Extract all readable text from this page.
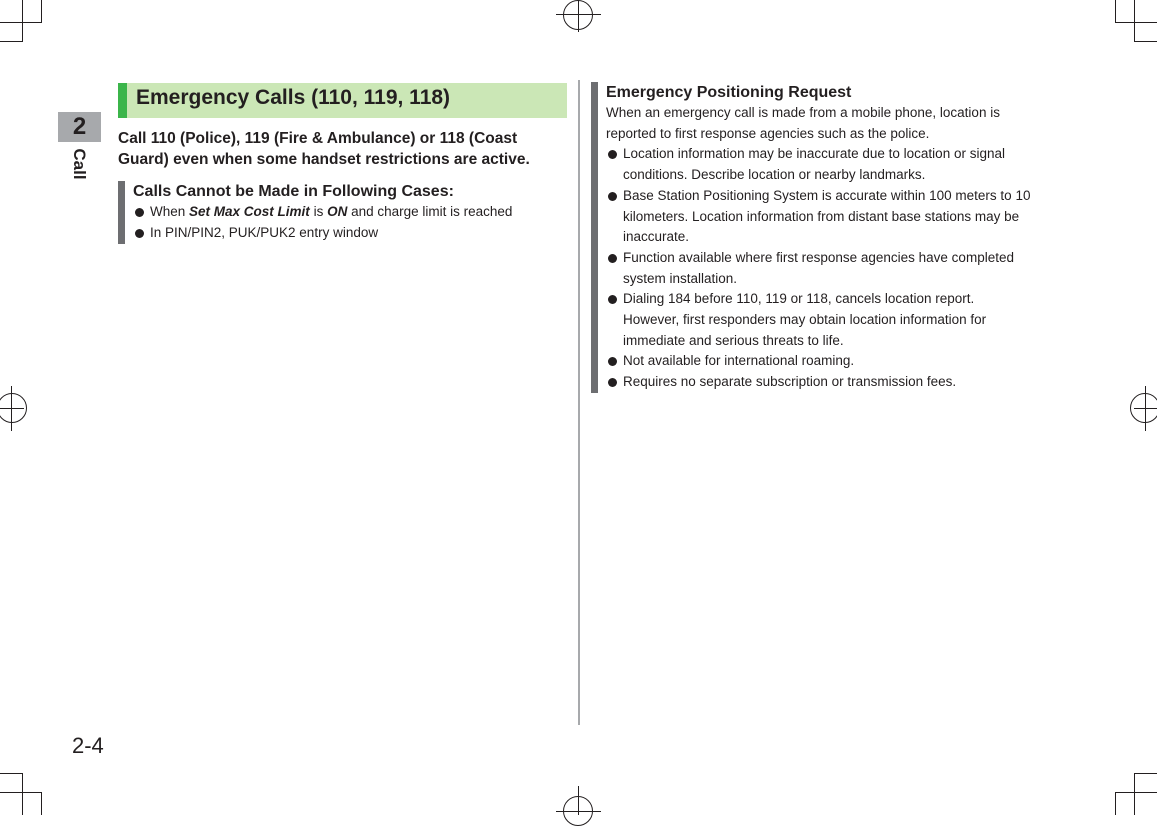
2
Call
2-4
Emergency Calls (110, 119, 118)
Call 110 (Police), 119 (Fire & Ambulance) or 118 (Coast Guard) even when some handset restrictions are active.
Calls Cannot be Made in Following Cases:
When Set Max Cost Limit is ON and charge limit is reached
In PIN/PIN2, PUK/PUK2 entry window
Emergency Positioning Request
When an emergency call is made from a mobile phone, location is reported to first response agencies such as the police.
Location information may be inaccurate due to location or signal conditions. Describe location or nearby landmarks.
Base Station Positioning System is accurate within 100 meters to 10 kilometers. Location information from distant base stations may be inaccurate.
Function available where first response agencies have completed system installation.
Dialing 184 before 110, 119 or 118, cancels location report. However, first responders may obtain location information for immediate and serious threats to life.
Not available for international roaming.
Requires no separate subscription or transmission fees.
